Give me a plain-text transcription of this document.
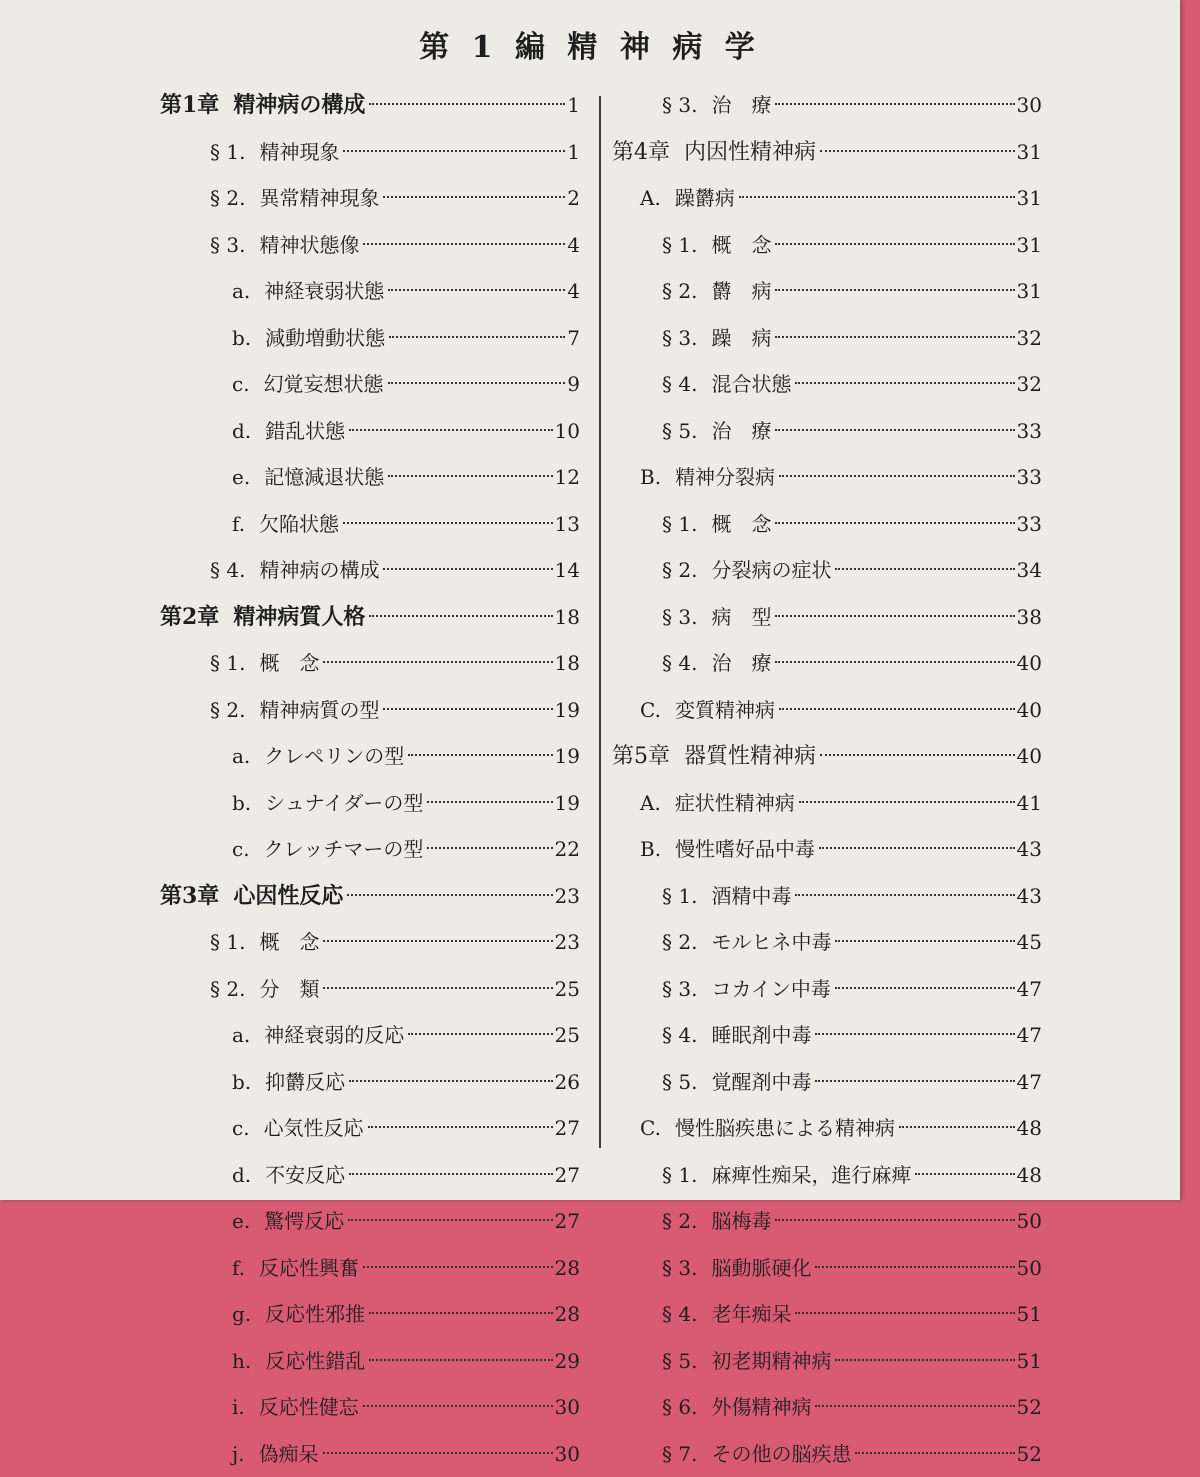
第 1 編 精 神 病 学
第1章 精神病の構成	1
§ 1. 精神現象	1
§ 2. 異常精神現象	2
§ 3. 精神状態像	4
a. 神経衰弱状態	4
b. 減動増動状態	7
c. 幻覚妄想状態	9
d. 錯乱状態	10
e. 記憶減退状態	12
f. 欠陥状態	13
§ 4. 精神病の構成	14
第2章 精神病質人格	18
§ 1. 概　念	18
§ 2. 精神病質の型	19
a. クレペリンの型	19
b. シュナイダーの型	19
c. クレッチマーの型	22
第3章 心因性反応	23
§ 1. 概　念	23
§ 2. 分　類	25
a. 神経衰弱的反応	25
b. 抑欝反応	26
c. 心気性反応	27
d. 不安反応	27
e. 驚愕反応	27
f. 反応性興奮	28
g. 反応性邪推	28
h. 反応性錯乱	29
i. 反応性健忘	30
j. 偽痴呆	30
§ 3. 治　療	30
第4章 内因性精神病	31
A. 躁欝病	31
§ 1. 概　念	31
§ 2. 欝　病	31
§ 3. 躁　病	32
§ 4. 混合状態	32
§ 5. 治　療	33
B. 精神分裂病	33
§ 1. 概　念	33
§ 2. 分裂病の症状	34
§ 3. 病　型	38
§ 4. 治　療	40
C. 変質精神病	40
第5章 器質性精神病	40
A. 症状性精神病	41
B. 慢性嗜好品中毒	43
§ 1. 酒精中毒	43
§ 2. モルヒネ中毒	45
§ 3. コカイン中毒	47
§ 4. 睡眠剤中毒	47
§ 5. 覚醒剤中毒	47
C. 慢性脳疾患による精神病	48
§ 1. 麻痺性痴呆，進行麻痺	48
§ 2. 脳梅毒	50
§ 3. 脳動脈硬化	50
§ 4. 老年痴呆	51
§ 5. 初老期精神病	51
§ 6. 外傷精神病	52
§ 7. その他の脳疾患	52
